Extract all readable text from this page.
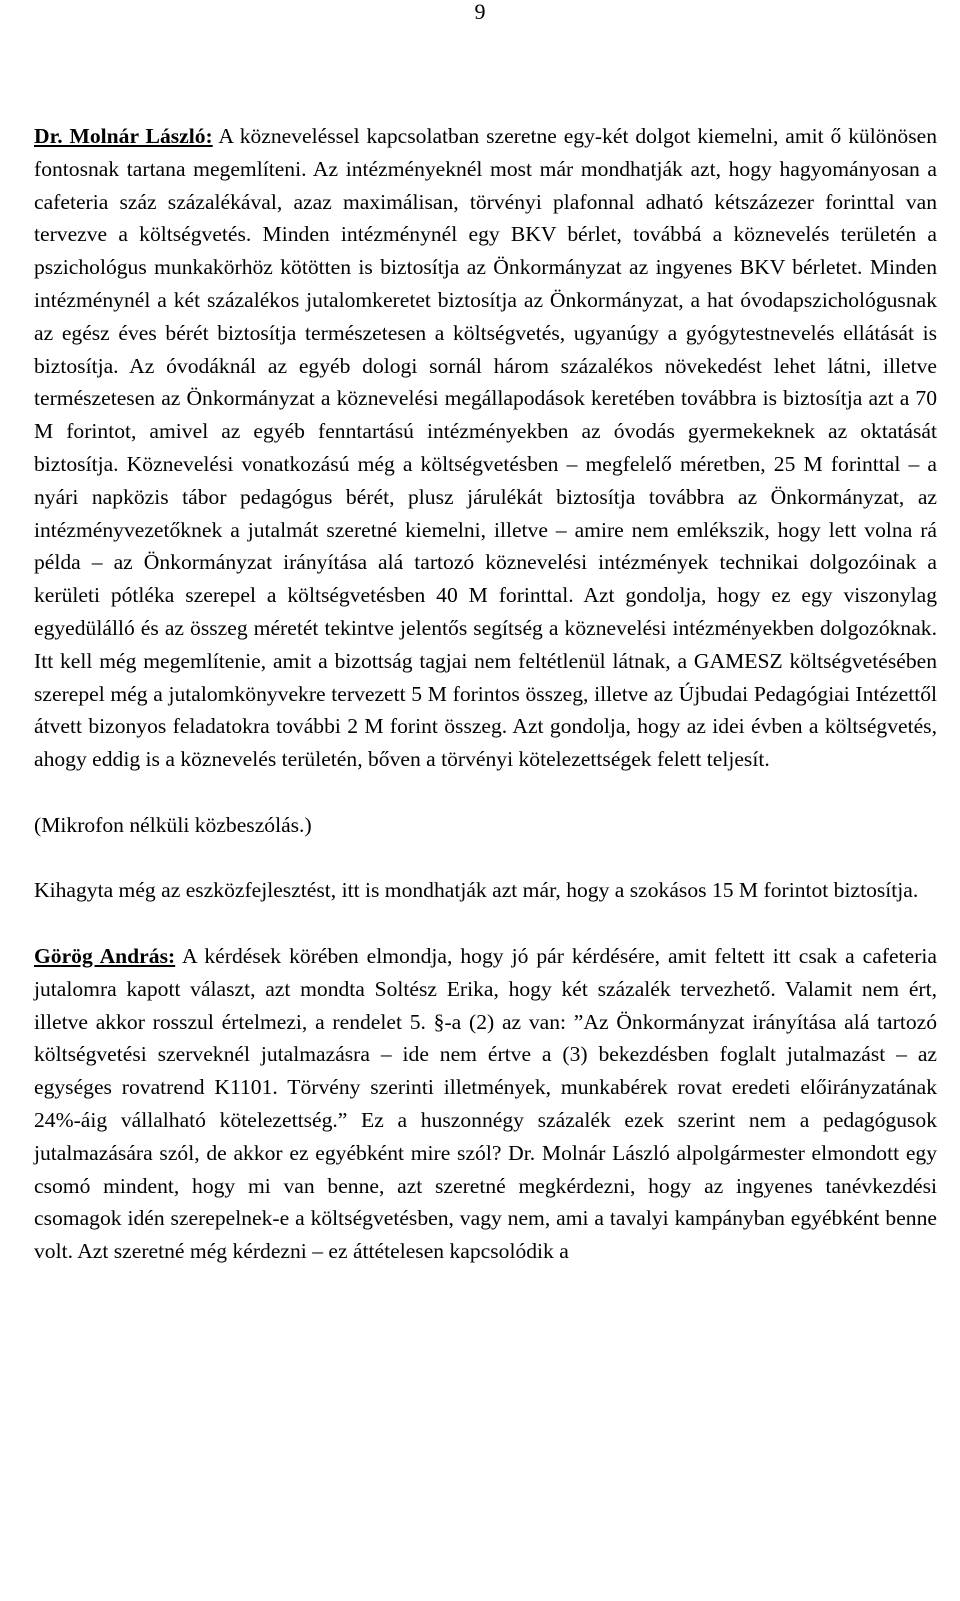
9

Dr. Molnár László: A közneveléssel kapcsolatban szeretne egy-két dolgot kiemelni, amit ő különösen fontosnak tartana megemlíteni. Az intézményeknél most már mondhatják azt, hogy hagyományosan a cafeteria száz százalékával, azaz maximálisan, törvényi plafonnal adható kétszázezer forinttal van tervezve a költségvetés. Minden intézménynél egy BKV bérlet, továbbá a köznevelés területén a pszichológus munkakörhöz kötötten is biztosítja az Önkormányzat az ingyenes BKV bérletet. Minden intézménynél a két százalékos jutalomkeretet biztosítja az Önkormányzat, a hat óvodapszichológusnak az egész éves bérét biztosítja természetesen a költségvetés, ugyanúgy a gyógytestnevelés ellátását is biztosítja. Az óvodáknál az egyéb dologi sornál három százalékos növekedést lehet látni, illetve természetesen az Önkormányzat a köznevelési megállapodások keretében továbbra is biztosítja azt a 70 M forintot, amivel az egyéb fenntartású intézményekben az óvodás gyermekeknek az oktatását biztosítja. Köznevelési vonatkozású még a költségvetésben – megfelelő méretben, 25 M forinttal – a nyári napközis tábor pedagógus bérét, plusz járulékát biztosítja továbbra az Önkormányzat, az intézményvezetőknek a jutalmát szeretné kiemelni, illetve – amire nem emlékszik, hogy lett volna rá példa – az Önkormányzat irányítása alá tartozó köznevelési intézmények technikai dolgozóinak a kerületi pótléka szerepel a költségvetésben 40 M forinttal. Azt gondolja, hogy ez egy viszonylag egyedülálló és az összeg méretét tekintve jelentős segítség a köznevelési intézményekben dolgozóknak. Itt kell még megemlítenie, amit a bizottság tagjai nem feltétlenül látnak, a GAMESZ költségvetésében szerepel még a jutalomkönyvekre tervezett 5 M forintos összeg, illetve az Újbudai Pedagógiai Intézettől átvett bizonyos feladatokra további 2 M forint összeg. Azt gondolja, hogy az idei évben a költségvetés, ahogy eddig is a köznevelés területén, bőven a törvényi kötelezettségek felett teljesít.

(Mikrofon nélküli közbeszólás.)

Kihagyta még az eszközfejlesztést, itt is mondhatják azt már, hogy a szokásos 15 M forintot biztosítja.

Görög András: A kérdések körében elmondja, hogy jó pár kérdésére, amit feltett itt csak a cafeteria jutalomra kapott választ, azt mondta Soltész Erika, hogy két százalék tervezhető. Valamit nem ért, illetve akkor rosszul értelmezi, a rendelet 5. §-a (2) az van: ”Az Önkormányzat irányítása alá tartozó költségvetési szerveknél jutalmazásra – ide nem értve a (3) bekezdésben foglalt jutalmazást – az egységes rovatrend K1101. Törvény szerinti illetmények, munkabérek rovat eredeti előirányzatának 24%-áig vállalható kötelezettség.” Ez a huszonnégy százalék ezek szerint nem a pedagógusok jutalmazására szól, de akkor ez egyébként mire szól? Dr. Molnár László alpolgármester elmondott egy csomó mindent, hogy mi van benne, azt szeretné megkérdezni, hogy az ingyenes tanévkezdési csomagok idén szerepelnek-e a költségvetésben, vagy nem, ami a tavalyi kampányban egyébként benne volt. Azt szeretné még kérdezni – ez áttételesen kapcsolódik a
